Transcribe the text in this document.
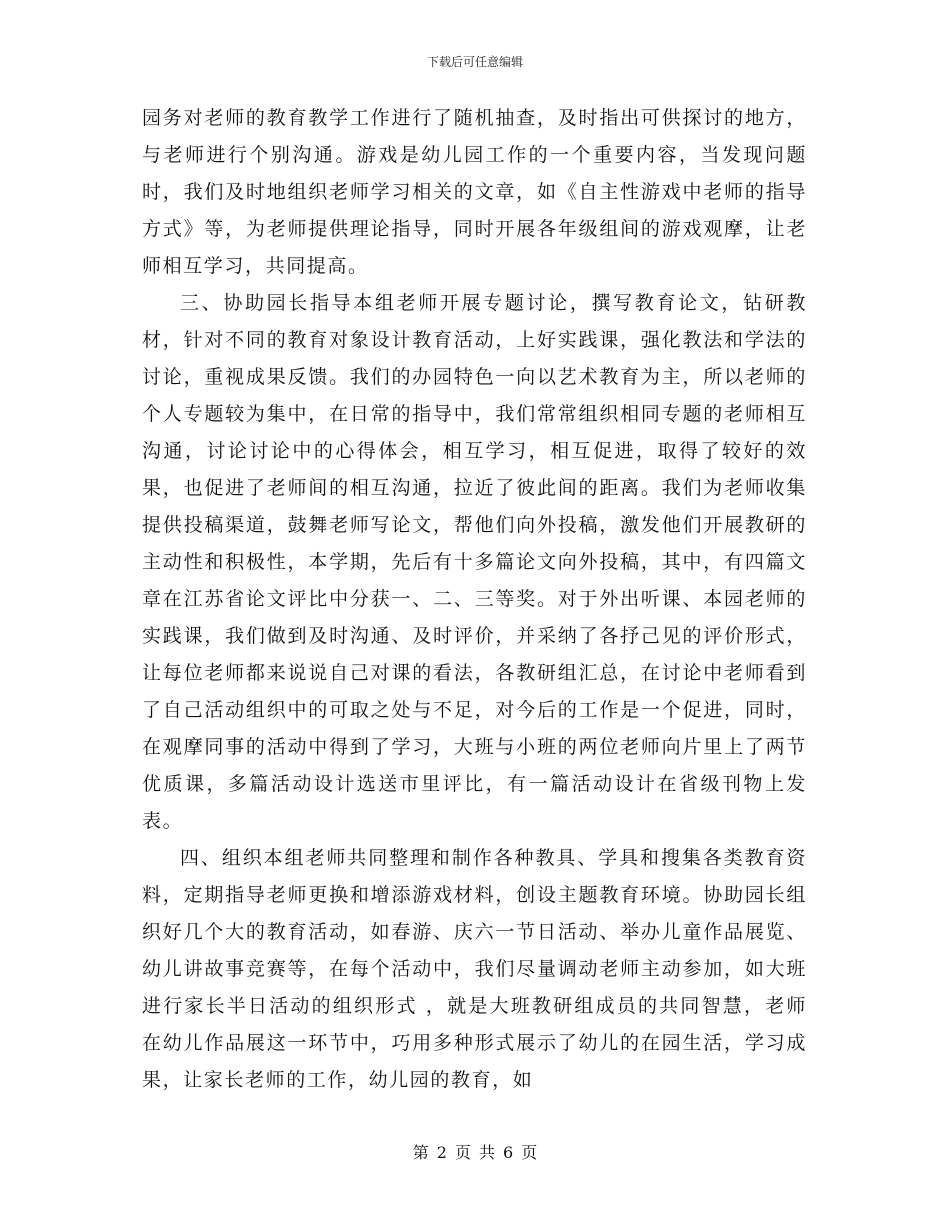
下载后可任意编辑

园务对老师的教育教学工作进行了随机抽查，及时指出可供探讨的地方，与老师进行个别沟通。游戏是幼儿园工作的一个重要内容，当发现问题时，我们及时地组织老师学习相关的文章，如《自主性游戏中老师的指导方式》等，为老师提供理论指导，同时开展各年级组间的游戏观摩，让老师相互学习，共同提高。

三、协助园长指导本组老师开展专题讨论，撰写教育论文，钻研教材，针对不同的教育对象设计教育活动，上好实践课，强化教法和学法的讨论，重视成果反馈。我们的办园特色一向以艺术教育为主，所以老师的个人专题较为集中，在日常的指导中，我们常常组织相同专题的老师相互沟通，讨论讨论中的心得体会，相互学习，相互促进，取得了较好的效果，也促进了老师间的相互沟通，拉近了彼此间的距离。我们为老师收集提供投稿渠道，鼓舞老师写论文，帮他们向外投稿，激发他们开展教研的主动性和积极性，本学期，先后有十多篇论文向外投稿，其中，有四篇文章在江苏省论文评比中分获一、二、三等奖。对于外出听课、本园老师的实践课，我们做到及时沟通、及时评价，并采纳了各抒己见的评价形式，让每位老师都来说说自己对课的看法，各教研组汇总，在讨论中老师看到了自己活动组织中的可取之处与不足，对今后的工作是一个促进，同时，在观摩同事的活动中得到了学习，大班与小班的两位老师向片里上了两节优质课，多篇活动设计选送市里评比，有一篇活动设计在省级刊物上发表。

四、组织本组老师共同整理和制作各种教具、学具和搜集各类教育资料，定期指导老师更换和增添游戏材料，创设主题教育环境。协助园长组织好几个大的教育活动，如春游、庆六一节日活动、举办儿童作品展览、幼儿讲故事竞赛等，在每个活动中，我们尽量调动老师主动参加，如大班进行家长半日活动的组织形式 ，就是大班教研组成员的共同智慧，老师在幼儿作品展这一环节中，巧用多种形式展示了幼儿的在园生活，学习成果，让家长老师的工作，幼儿园的教育，如

第 2 页 共 6 页
